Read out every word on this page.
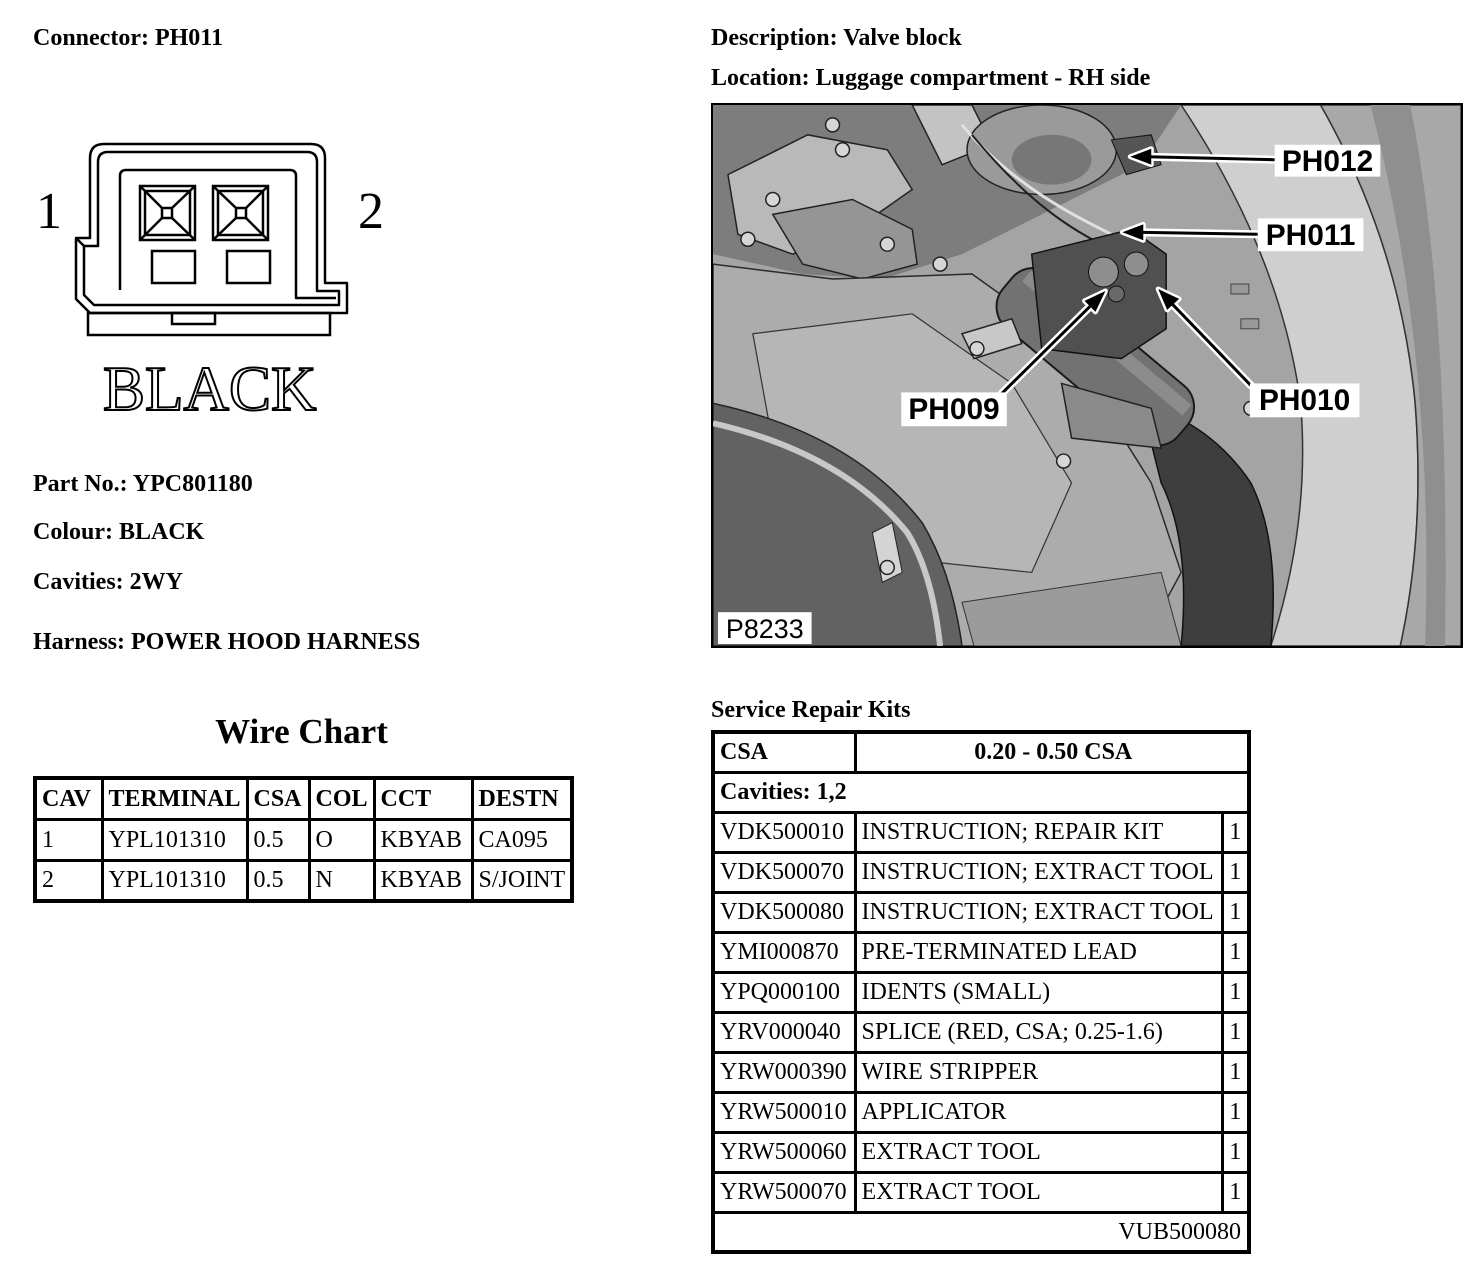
Connector: PH011	Description: Valve block
Location: Luggage compartment - RH side
1	2
BLACK
Part No.: YPC801180
Colour: BLACK
Cavities: 2WY
Harness: POWER HOOD HARNESS
Wire Chart
CAV	TERMINAL	CSA	COL	CCT	DESTN
1	YPL101310	0.5	O	KBYAB	CA095
2	YPL101310	0.5	N	KBYAB	S/JOINT
PH012
PH011
PH009	PH010
P8233
Service Repair Kits
CSA	0.20 - 0.50 CSA	
Cavities: 1,2		
VDK500010	INSTRUCTION; REPAIR KIT	1
VDK500070	INSTRUCTION; EXTRACT TOOL	1
VDK500080	INSTRUCTION; EXTRACT TOOL	1
YMI000870	PRE-TERMINATED LEAD	1
YPQ000100	IDENTS (SMALL)	1
YRV000040	SPLICE (RED, CSA; 0.25-1.6)	1
YRW000390	WIRE STRIPPER	1
YRW500010	APPLICATOR	1
YRW500060	EXTRACT TOOL	1
YRW500070	EXTRACT TOOL	1
VUB500080		
